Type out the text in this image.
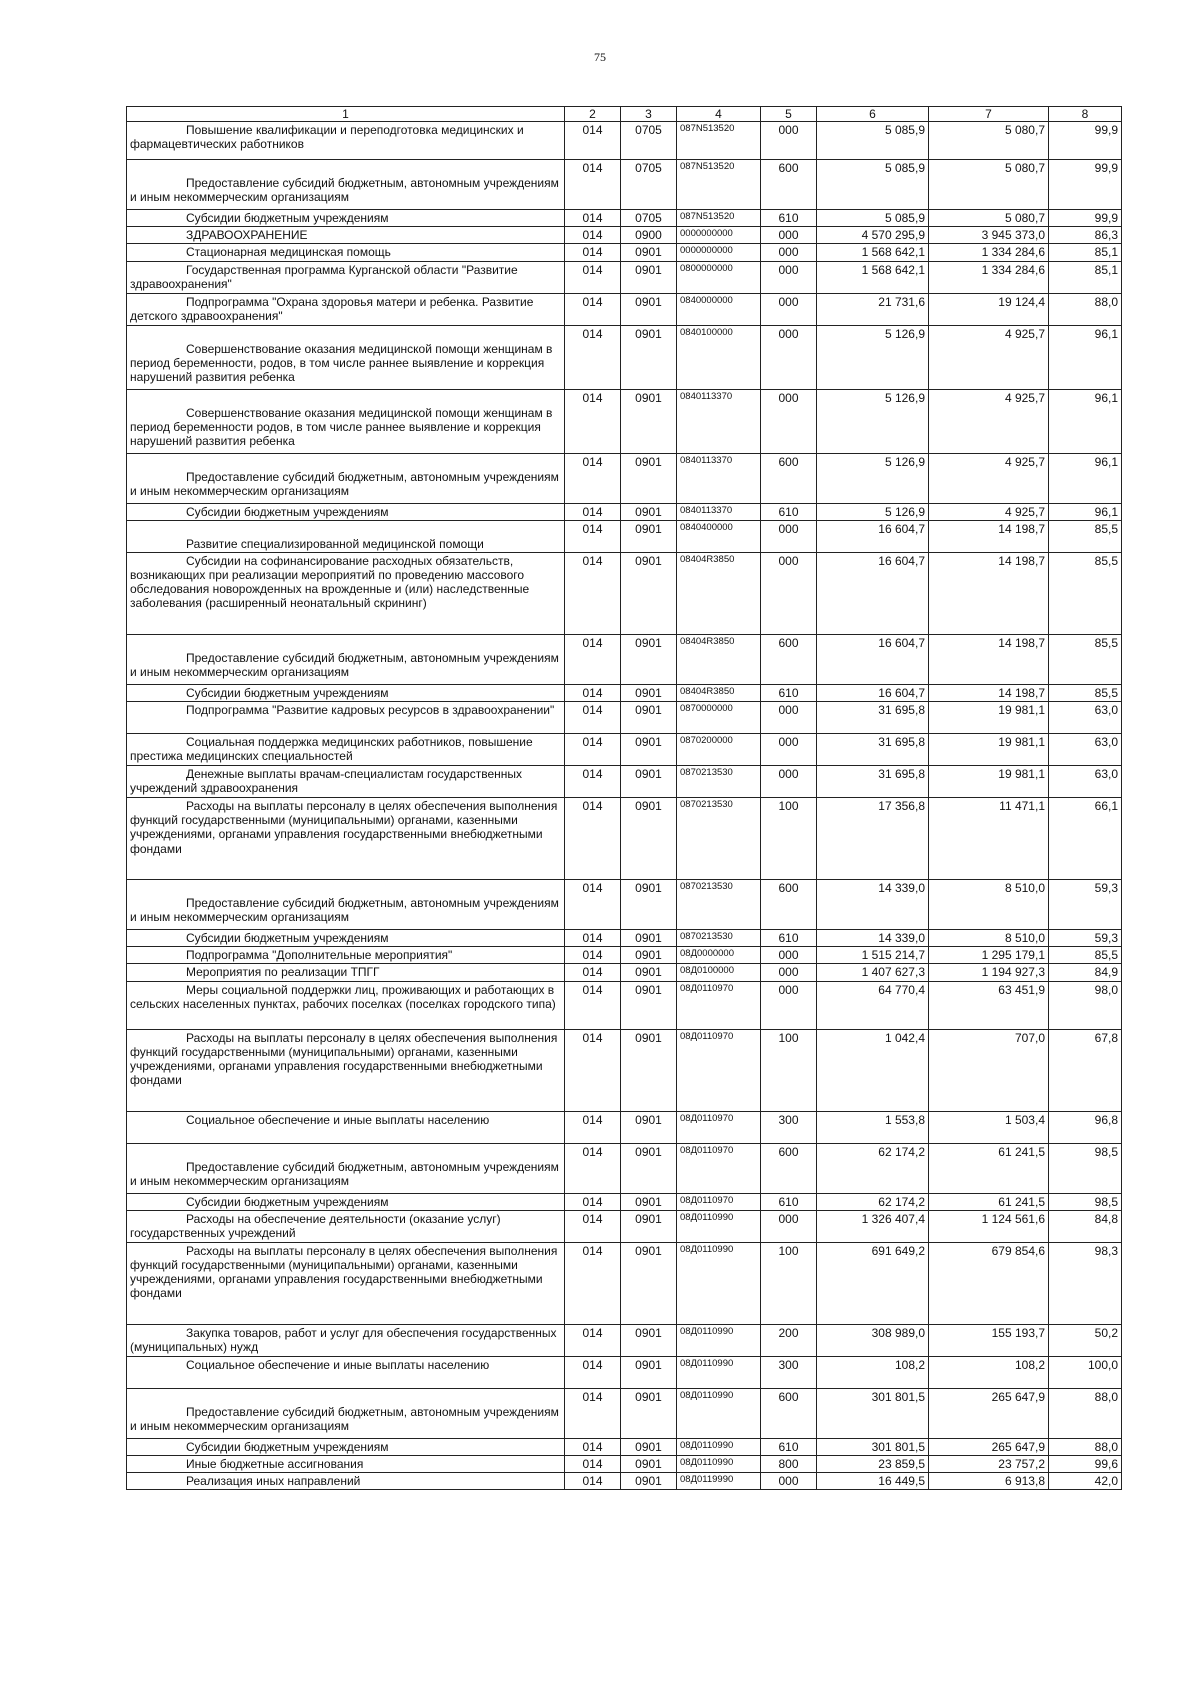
75
1	2	3	4	5	6	7	8
Повышение квалификации и переподготовка медицинских и фармацевтических работников	014	0705	087N513520	000	5 085,9	5 080,7	99,9
Предоставление субсидий бюджетным, автономным учреждениям и иным некоммерческим организациям	014	0705	087N513520	600	5 085,9	5 080,7	99,9
Субсидии бюджетным учреждениям	014	0705	087N513520	610	5 085,9	5 080,7	99,9
ЗДРАВООХРАНЕНИЕ	014	0900	0000000000	000	4 570 295,9	3 945 373,0	86,3
Стационарная медицинская помощь	014	0901	0000000000	000	1 568 642,1	1 334 284,6	85,1
Государственная программа Курганской области "Развитие здравоохранения"	014	0901	0800000000	000	1 568 642,1	1 334 284,6	85,1
Подпрограмма "Охрана здоровья матери и ребенка. Развитие детского здравоохранения"	014	0901	0840000000	000	21 731,6	19 124,4	88,0
Совершенствование оказания медицинской помощи женщинам в период беременности, родов, в том числе раннее выявление и коррекция нарушений развития ребенка	014	0901	0840100000	000	5 126,9	4 925,7	96,1
Совершенствование оказания медицинской помощи женщинам в период беременности родов, в том числе раннее выявление и коррекция нарушений развития ребенка	014	0901	0840113370	000	5 126,9	4 925,7	96,1
Предоставление субсидий бюджетным, автономным учреждениям и иным некоммерческим организациям	014	0901	0840113370	600	5 126,9	4 925,7	96,1
Субсидии бюджетным учреждениям	014	0901	0840113370	610	5 126,9	4 925,7	96,1
Развитие специализированной медицинской помощи	014	0901	0840400000	000	16 604,7	14 198,7	85,5
Субсидии на софинансирование расходных обязательств, возникающих при реализации мероприятий по проведению массового обследования новорожденных на врожденные и (или) наследственные заболевания (расширенный неонатальный скрининг)	014	0901	08404R3850	000	16 604,7	14 198,7	85,5
Предоставление субсидий бюджетным, автономным учреждениям и иным некоммерческим организациям	014	0901	08404R3850	600	16 604,7	14 198,7	85,5
Субсидии бюджетным учреждениям	014	0901	08404R3850	610	16 604,7	14 198,7	85,5
Подпрограмма "Развитие кадровых ресурсов в здравоохранении"	014	0901	0870000000	000	31 695,8	19 981,1	63,0
Социальная поддержка медицинских работников, повышение престижа медицинских специальностей	014	0901	0870200000	000	31 695,8	19 981,1	63,0
Денежные выплаты врачам-специалистам государственных учреждений здравоохранения	014	0901	0870213530	000	31 695,8	19 981,1	63,0
Расходы на выплаты персоналу в целях обеспечения выполнения функций государственными (муниципальными) органами, казенными учреждениями, органами управления государственными внебюджетными фондами	014	0901	0870213530	100	17 356,8	11 471,1	66,1
Предоставление субсидий бюджетным, автономным учреждениям и иным некоммерческим организациям	014	0901	0870213530	600	14 339,0	8 510,0	59,3
Субсидии бюджетным учреждениям	014	0901	0870213530	610	14 339,0	8 510,0	59,3
Подпрограмма "Дополнительные мероприятия"	014	0901	08Д0000000	000	1 515 214,7	1 295 179,1	85,5
Мероприятия по реализации ТПГГ	014	0901	08Д0100000	000	1 407 627,3	1 194 927,3	84,9
Меры социальной поддержки лиц, проживающих и работающих в сельских населенных пунктах, рабочих поселках (поселках городского типа)	014	0901	08Д0110970	000	64 770,4	63 451,9	98,0
Расходы на выплаты персоналу в целях обеспечения выполнения функций государственными (муниципальными) органами, казенными учреждениями, органами управления государственными внебюджетными фондами	014	0901	08Д0110970	100	1 042,4	707,0	67,8
Социальное обеспечение и иные выплаты населению	014	0901	08Д0110970	300	1 553,8	1 503,4	96,8
Предоставление субсидий бюджетным, автономным учреждениям и иным некоммерческим организациям	014	0901	08Д0110970	600	62 174,2	61 241,5	98,5
Субсидии бюджетным учреждениям	014	0901	08Д0110970	610	62 174,2	61 241,5	98,5
Расходы на обеспечение деятельности (оказание услуг) государственных учреждений	014	0901	08Д0110990	000	1 326 407,4	1 124 561,6	84,8
Расходы на выплаты персоналу в целях обеспечения выполнения функций государственными (муниципальными) органами, казенными учреждениями, органами управления государственными внебюджетными фондами	014	0901	08Д0110990	100	691 649,2	679 854,6	98,3
Закупка товаров, работ и услуг для обеспечения государственных (муниципальных) нужд	014	0901	08Д0110990	200	308 989,0	155 193,7	50,2
Социальное обеспечение и иные выплаты населению	014	0901	08Д0110990	300	108,2	108,2	100,0
Предоставление субсидий бюджетным, автономным учреждениям и иным некоммерческим организациям	014	0901	08Д0110990	600	301 801,5	265 647,9	88,0
Субсидии бюджетным учреждениям	014	0901	08Д0110990	610	301 801,5	265 647,9	88,0
Иные бюджетные ассигнования	014	0901	08Д0110990	800	23 859,5	23 757,2	99,6
Реализация иных направлений	014	0901	08Д0119990	000	16 449,5	6 913,8	42,0
